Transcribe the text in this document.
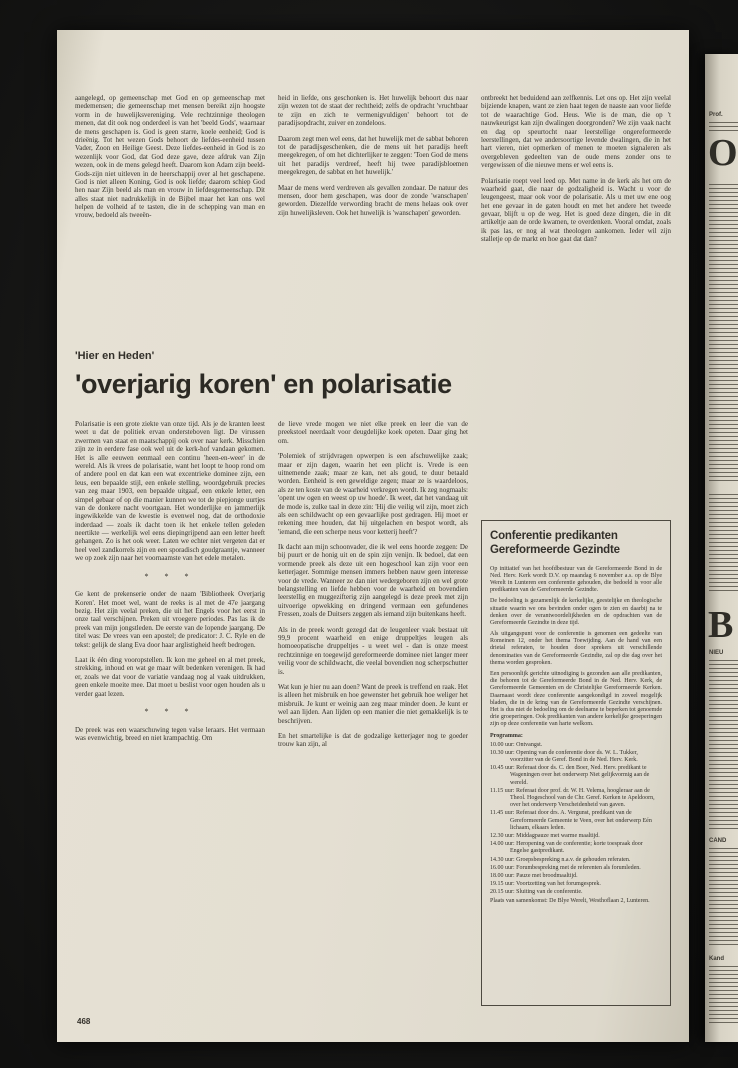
aangelegd, op gemeenschap met God en op gemeenschap met medemensen; die gemeenschap met mensen bereikt zijn hoogste vorm in de huwelijksvereniging. Vele rechtzinnige theologen menen, dat dit ook nog onderdeel is van het 'beeld Gods', waarnaar de mens geschapen is. God is geen starre, koele eenheid; God is drieënig. Tot het wezen Gods behoort de liefdes-eenheid tussen Vader, Zoon en Heilige Geest. Deze liefdes-eenheid in God is zo wezenlijk voor God, dat God deze gave, deze afdruk van Zijn wezen, ook in de mens gelegd heeft. Daarom kon Adam zijn beeld-Gods-zijn niet uitleven in de heerschappij over al het geschapene. God is niet alleen Koning, God is ook liefde; daarom schiep God hen naar Zijn beeld als man en vrouw in liefdesgemeenschap. Dit alles staat niet nadrukkelijk in de Bijbel maar het kan ons wel helpen de volheid af te tasten, die in de schepping van man en vrouw, bedoeld als tweeën-

heid in liefde, ons geschonken is. Het huwelijk behoort dus naar zijn wezen tot de staat der rechtheid; zelfs de opdracht 'vruchtbaar te zijn en zich te vermenigvuldigen' behoort tot de paradijsopdracht, zuiver en zondeloos.

Daarom zegt men wel eens, dat het huwelijk met de sabbat behoren tot de paradijsgeschenken, die de mens uit het paradijs heeft meegekregen, of om het dichterlijker te zeggen: 'Toen God de mens uit het paradijs verdreef, heeft hij twee paradijsbloemen meegekregen, de sabbat en het huwelijk.'

Maar de mens werd verdreven als gevallen zondaar. De natuur des mensen, door hem geschapen, was door de zonde 'wanschapen' geworden. Diezelfde verwording bracht de mens helaas ook over zijn huwelijksleven. Ook het huwelijk is 'wanschapen' geworden.

ontbreekt het beduidend aan zelfkennis. Let ons op. Het zijn veelal bijziende knapen, want ze zien haat tegen de naaste aan voor liefde tot de waarachtige God. Heus. Wie is de man, die op 't nauwkeurigst kan zijn dwalingen doorgronden? We zijn vaak nacht en dag op speurtocht naar leerstellige ongereformeerde leerstellingen, dat we andersoortige levende dwalingen, die in het hart vieren, niet opmerken of menen te moeten signaleren als overgebleven gedeelten van de oude mens zonder ons te vergewissen of die nieuwe mens er wel eens is.

Polarisatie roept veel leed op. Met name in de kerk als het om de waarheid gaat, die naar de godzaligheid is. Wacht u voor de leugengeest, maar ook voor de polarisatie. Als u met uw ene oog het ene gevaar in de gaten houdt en met het andere het tweede gevaar, blijft u op de weg. Het is goed deze dingen, die in dit artikeltje aan de orde kwamen, te overdenken. Vooral omdat, zoals ik pas las, er nog al wat theologen aankomen. Ieder wil zijn stalletje op de markt en hoe gaat dat dan?

'Hier en Heden'
'overjarig koren' en polarisatie

Polarisatie is een grote ziekte van onze tijd. Als je de kranten leest weet u dat de politiek ervan ondersteboven ligt. De virussen zwermen van staat en maatschappij ook over naar kerk. Misschien zijn ze in eerdere fase ook wel uit de kerk-hof vandaan gekomen. Het is alle eeuwen eenmaal een continu 'heen-en-weer' in de wereld. Als ik vrees de polarisatie, want het loopt te hoop rond om of andere pool en dat kan een wat excentrieke dominee zijn, een leus, een bepaalde stijl, een enkele stelling, woordgebruik precies van zeg maar 1903, een bepaalde uitgaaf, een enkele letter, een simpel gebaar of op die manier kunnen we tot de piepjonge uurtjes van de donkere nacht voortgaan. Het wonderlijke en jammerlijk ingewikkelde van de kwestie is evenwel nog, dat de orthodoxie inderdaad — zoals ik dacht toen ik het enkele tellen geleden neertikte — werkelijk wel eens diepingrijpend aan een letter heeft gehangen. Zo is het ook weer. Laten we echter niet vergeten dat er heel veel zandkorrels zijn en een sporadisch goudgraantje, wanneer we op zoek zijn naar het voornaamste van het edele metalen.

* * *

Ge kent de prekenserie onder de naam 'Bibliotheek Overjarig Koren'. Het moet wel, want de reeks is al met de 47e jaargang bezig. Het zijn veelal preken, die uit het Engels voor het eerst in onze taal verschijnen. Preken uit vroegere periodes. Pas las ik de preek van mijn jongstleden. De eerste van de lopende jaargang. De titel was: De vrees van een apostel; de predicator: J. C. Ryle en de tekst: gelijk de slang Eva door haar arglistigheid heeft bedrogen.

Laat ik één ding vooropstellen. Ik kon me geheel en al met preek, strekking, inhoud en wat ge maar wilt bedenken verenigen. Ik had er, zoals we dat voor de variatie vandaag nog al vaak uitdrukken, geen enkele moeite mee. Dat moet u beslist voor ogen houden als u verder gaat lezen.

* * *

De preek was een waarschuwing tegen valse leraars. Het vermaan was evenwichtig, breed en niet krampachtig. Om

de lieve vrede mogen we niet elke preek en leer die van de preekstoel neerdaalt voor deugdelijke koek opeten. Daar ging het om.

'Polemiek of strijdvragen opwerpen is een afschuwelijke zaak; maar er zijn dagen, waarin het een plicht is. Vrede is een uitnemende zaak; maar ze kan, net als goud, te duur betaald worden. Eenheid is een geweldige zegen; maar ze is waardeloos, als ze ten koste van de waarheid verkregen wordt. Ik zeg nogmaals: 'opent uw ogen en weest op uw hoede'. Ik weet, dat het vandaag uit de mode is, zulke taal in deze zin: 'Hij die veilig wil zijn, moet zich als een schildwacht op een gevaarlijke post gedragen. Hij moet er rekening mee houden, dat hij uitgelachen en bespot wordt, als 'iemand, die een scherpe neus voor ketterij heeft'?

Ik dacht aan mijn schoonvader, die ik wel eens hoorde zeggen: De bij puurt er de honig uit en de spin zijn venijn. Ik bedoel, dat een vormende preek als deze uit een hogeschool kan zijn voor een ketterjager. Sommige mensen immers hebben nauw geen interesse voor de vrede. Wanneer ze dan niet wedergeboren zijn en wel grote belangstelling en liefde hebben voor de waarheid en bovendien leerstellig en muggezifterig zijn aangelegd is deze preek met zijn uitvoerige opwekking en dringend vermaan een gefundenes Fressen, zoals de Duitsers zeggen als iemand zijn buitenkans heeft.

Als in de preek wordt gezegd dat de leugenleer vaak bestaat uit 99,9 procent waarheid en enige druppeltjes leugen als homoeopatische druppeltjes - u weet wel - dan is onze meest rechtzinnige en toegewijd gereformeerde dominee niet langer meer veilig voor de schildwacht, die veelal bovendien nog scherpschutter is.

Wat kun je hier nu aan doen? Want de preek is treffend en raak. Het is alleen het misbruik en hoe gewenster het gebruik hoe weliger het misbruik. Je kunt er weinig aan zeg maar minder doen. Je kunt er wel aan lijden. Aan lijden op een manier die niet gemakkelijk is te beschrijven.

En het smartelijke is dat de godzalige ketterjager nog te goeder trouw kan zijn, al

Conferentie predikanten
Gereformeerde Gezindte

Op initiatief van het hoofdbestuur van de Gereformeerde Bond in de Ned. Herv. Kerk wordt D.V. op maandag 6 november a.s. op de Blye Werelt in Lunteren een conferentie gehouden, die bedoeld is voor alle predikanten van de Gereformeerde Gezindte.

De bedoeling is gezamenlijk de kerkelijke, geestelijke en theologische situatie waarin we ons bevinden onder ogen te zien en daarbij na te denken over de verantwoordelijkheden en de opdrachten van de Gereformeerde Gezindte in deze tijd.

Als uitgangspunt voor de conferentie is genomen een gedeelte van Romeinen 12, onder het thema Toewijding. Aan de hand van een drietal referaten, te houden door sprekers uit verschillende denominaties van de Gereformeerde Gezindte, zal op die dag over het thema worden gesproken.

Een persoonlijk gerichte uitnodiging is gezonden aan alle predikanten, die behoren tot de Gereformeerde Bond in de Ned. Herv. Kerk, de Gereformeerde Gemeenten en de Christelijke Gereformeerde Kerken. Daarnaast wordt deze conferentie aangekondigd in zoveel mogelijk bladen, die in de kring van de Gereformeerde Gezindte verschijnen. Het is dus niet de bedoeling om de deelname te beperken tot genoemde drie groeperingen. Ook predikanten van andere kerkelijke groeperingen zijn op deze conferentie van harte welkom.

Programma:
10.00 uur: Ontvangst.
10.30 uur: Opening van de conferentie door ds. W. L. Tukker, voorzitter van de Geref. Bond in de Ned. Herv. Kerk.
10.45 uur: Referaat door ds. C. den Boer, Ned. Herv. predikant te Wageningen over het onderwerp Niet gelijkvormig aan de wereld.
11.15 uur: Referaat door prof. dr. W. H. Velema, hoogleraar aan de Theol. Hogeschool van de Chr. Geref. Kerken te Apeldoorn, over het onderwerp Verscheidenheid van gaven.
11.45 uur: Referaat door drs. A. Vergunst, predikant van de Gereformeerde Gemeente te Veen, over het onderwerp Eén lichaam, elkaars leden.
12.30 uur: Middagpauze met warme maaltijd.
14.00 uur: Heropening van de conferentie; korte toespraak door Engelse gastpredikant.
14.30 uur: Groepsbespreking n.a.v. de gehouden referaten.
16.00 uur: Forumbespreking met de referenten als forumleden.
18.00 uur: Pauze met broodmaaltijd.
19.15 uur: Voortzetting van het forumgesprek.
20.15 uur: Sluiting van de conferentie.
Plaats van samenkomst: De Blye Werelt, Westhoflaan 2, Lunteren.
468
Prof.
O
B
NIEU
CAND
Kand
